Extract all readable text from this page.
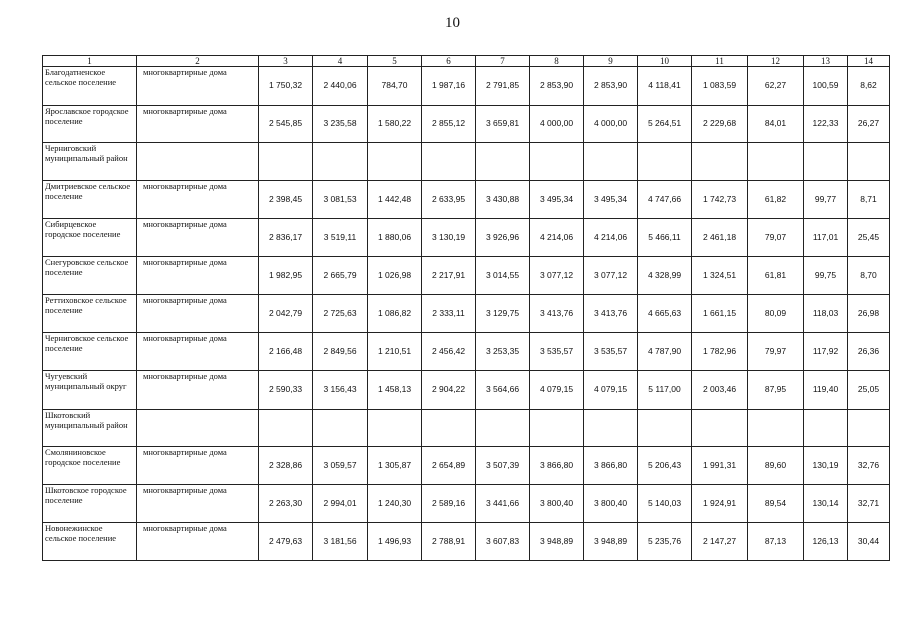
10
1	2	3	4	5	6	7	8	9	10	11	12	13	14
Благодатненское сельское поселение	многоквартирные дома	1 750,32	2 440,06	784,70	1 987,16	2 791,85	2 853,90	2 853,90	4 118,41	1 083,59	62,27	100,59	8,62
Ярославское городское поселение	многоквартирные дома	2 545,85	3 235,58	1 580,22	2 855,12	3 659,81	4 000,00	4 000,00	5 264,51	2 229,68	84,01	122,33	26,27
Черниговский муниципальный район													
Дмитриевское сельское поселение	многоквартирные дома	2 398,45	3 081,53	1 442,48	2 633,95	3 430,88	3 495,34	3 495,34	4 747,66	1 742,73	61,82	99,77	8,71
Сибирцевское городское поселение	многоквартирные дома	2 836,17	3 519,11	1 880,06	3 130,19	3 926,96	4 214,06	4 214,06	5 466,11	2 461,18	79,07	117,01	25,45
Снегуровское сельское поселение	многоквартирные дома	1 982,95	2 665,79	1 026,98	2 217,91	3 014,55	3 077,12	3 077,12	4 328,99	1 324,51	61,81	99,75	8,70
Реттиховское сельское поселение	многоквартирные дома	2 042,79	2 725,63	1 086,82	2 333,11	3 129,75	3 413,76	3 413,76	4 665,63	1 661,15	80,09	118,03	26,98
Черниговское сельское поселение	многоквартирные дома	2 166,48	2 849,56	1 210,51	2 456,42	3 253,35	3 535,57	3 535,57	4 787,90	1 782,96	79,97	117,92	26,36
Чугуевский муниципальный округ	многоквартирные дома	2 590,33	3 156,43	1 458,13	2 904,22	3 564,66	4 079,15	4 079,15	5 117,00	2 003,46	87,95	119,40	25,05
Шкотовский муниципальный район													
Смоляниновское городское поселение	многоквартирные дома	2 328,86	3 059,57	1 305,87	2 654,89	3 507,39	3 866,80	3 866,80	5 206,43	1 991,31	89,60	130,19	32,76
Шкотовское городское поселение	многоквартирные дома	2 263,30	2 994,01	1 240,30	2 589,16	3 441,66	3 800,40	3 800,40	5 140,03	1 924,91	89,54	130,14	32,71
Новонежинское сельское поселение	многоквартирные дома	2 479,63	3 181,56	1 496,93	2 788,91	3 607,83	3 948,89	3 948,89	5 235,76	2 147,27	87,13	126,13	30,44
